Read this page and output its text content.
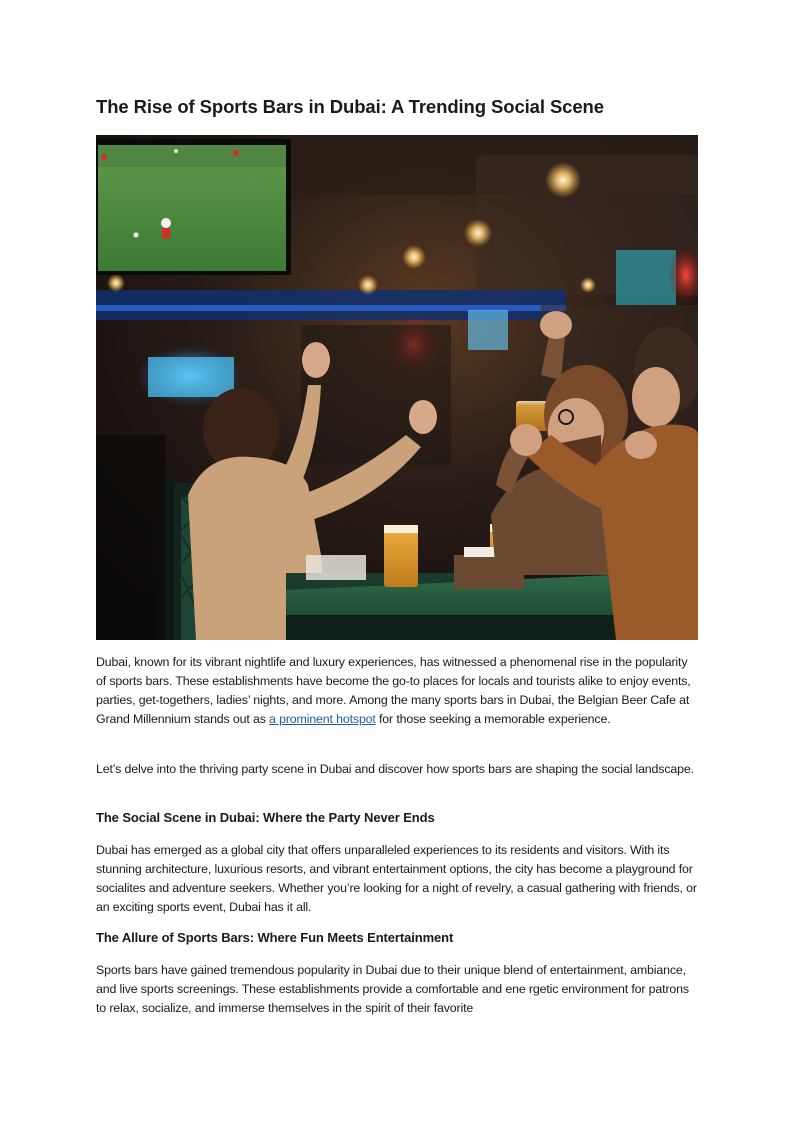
The Rise of Sports Bars in Dubai: A Trending Social Scene

Dubai, known for its vibrant nightlife and luxury experiences, has witnessed a phenomenal rise in the popularity of sports bars. These establishments have become the go-to places for locals and tourists alike to enjoy events, parties, get-togethers, ladies’ nights, and more. Among the many sports bars in Dubai, the Belgian Beer Cafe at Grand Millennium stands out as a prominent hotspot for those seeking a memorable experience.

Let’s delve into the thriving party scene in Dubai and discover how sports bars are shaping the social landscape.

The Social Scene in Dubai: Where the Party Never Ends

Dubai has emerged as a global city that offers unparalleled experiences to its residents and visitors. With its stunning architecture, luxurious resorts, and vibrant entertainment options, the city has become a playground for socialites and adventure seekers. Whether you’re looking for a night of revelry, a casual gathering with friends, or an exciting sports event, Dubai has it all.

The Allure of Sports Bars: Where Fun Meets Entertainment

Sports bars have gained tremendous popularity in Dubai due to their unique blend of entertainment, ambiance, and live sports screenings. These establishments provide a comfortable and ene rgetic environment for patrons to relax, socialize, and immerse themselves in the spirit of their favorite
